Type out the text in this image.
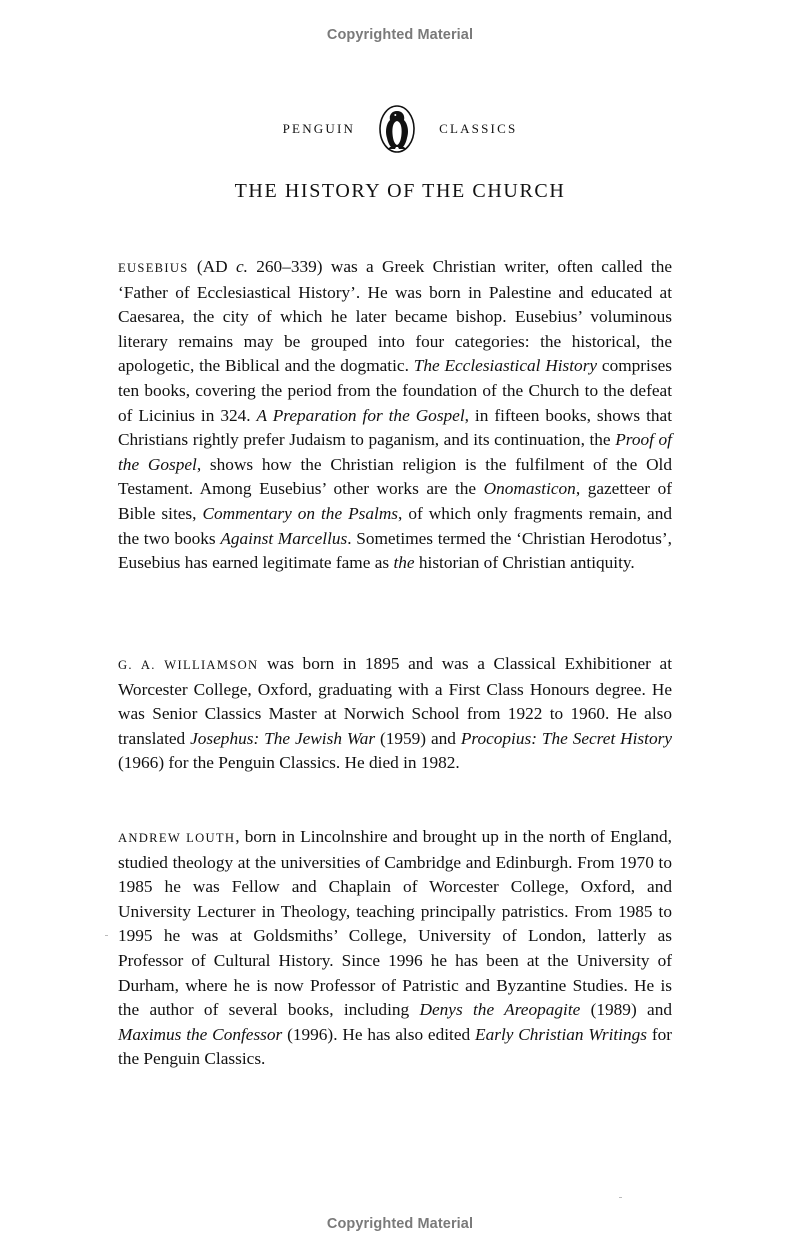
Copyrighted Material
PENGUIN	CLASSICS
THE HISTORY OF THE CHURCH

EUSEBIUS (AD c. 260–339) was a Greek Christian writer, often called the ‘Father of Ecclesiastical History’. He was born in Palestine and educated at Caesarea, the city of which he later became bishop. Eusebius’ voluminous literary remains may be grouped into four categories: the historical, the apologetic, the Biblical and the dogmatic. The Ecclesiastical History comprises ten books, covering the period from the foundation of the Church to the defeat of Licinius in 324. A Preparation for the Gospel, in fifteen books, shows that Christians rightly prefer Judaism to paganism, and its continuation, the Proof of the Gospel, shows how the Christian religion is the fulfilment of the Old Testament. Among Eusebius’ other works are the Onomasticon, gazetteer of Bible sites, Commentary on the Psalms, of which only fragments remain, and the two books Against Marcellus. Sometimes termed the ‘Christian Herodotus’, Eusebius has earned legitimate fame as the historian of Christian antiquity.

G. A. WILLIAMSON was born in 1895 and was a Classical Exhibitioner at Worcester College, Oxford, graduating with a First Class Honours degree. He was Senior Classics Master at Norwich School from 1922 to 1960. He also translated Josephus: The Jewish War (1959) and Procopius: The Secret History (1966) for the Penguin Classics. He died in 1982.

ANDREW LOUTH, born in Lincolnshire and brought up in the north of England, studied theology at the universities of Cambridge and Edinburgh. From 1970 to 1985 he was Fellow and Chaplain of Worcester College, Oxford, and University Lecturer in Theology, teaching principally patristics. From 1985 to 1995 he was at Goldsmiths’ College, University of London, latterly as Professor of Cultural History. Since 1996 he has been at the University of Durham, where he is now Professor of Patristic and Byzantine Studies. He is the author of several books, including Denys the Areopagite (1989) and Maximus the Confessor (1996). He has also edited Early Christian Writings for the Penguin Classics.

Copyrighted Material
